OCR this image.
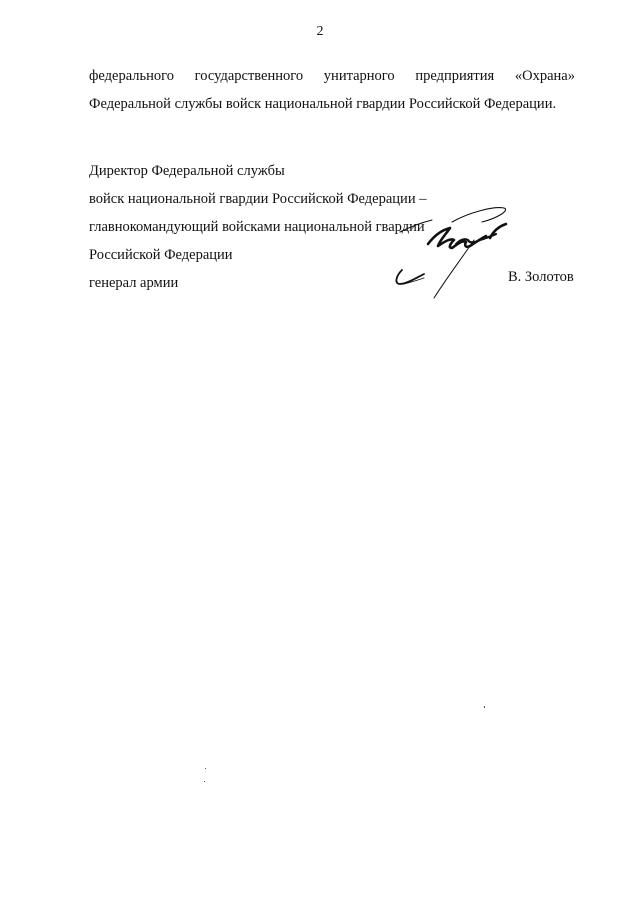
2
федерального государственного унитарного предприятия «Охрана»
Федеральной службы войск национальной гвардии Российской Федерации.
Директор Федеральной службы
войск национальной гвардии Российской Федерации –
главнокомандующий войсками национальной гвардии
Российской Федерации
генерал армии	В. Золотов
